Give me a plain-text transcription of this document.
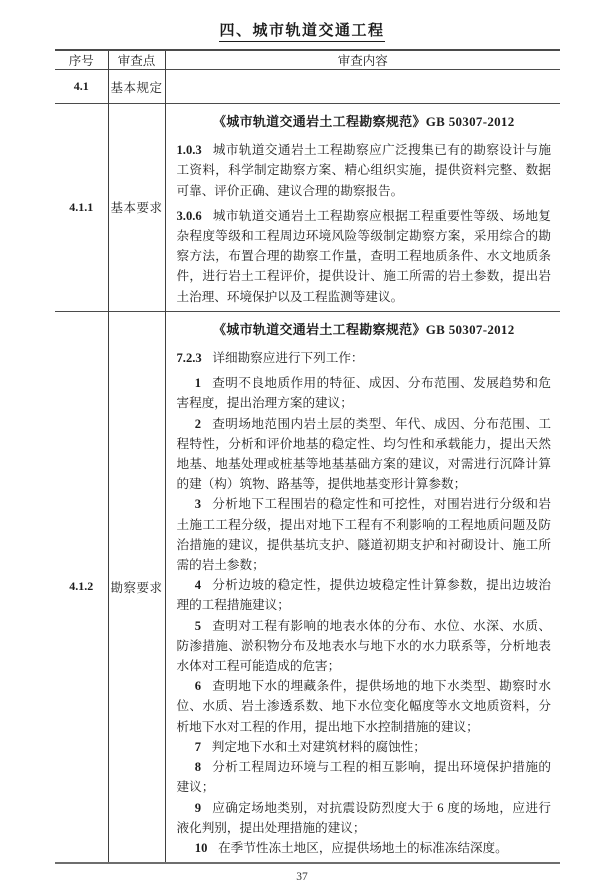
四、城市轨道交通工程
序号	审查点	审查内容
4.1	基本规定	
4.1.1	基本要求	《城市轨道交通岩土工程勘察规范》GB 50307-2012

1.0.3 城市轨道交通岩土工程勘察应广泛搜集已有的勘察设计与施工资料，科学制定勘察方案、精心组织实施，提供资料完整、数据可靠、评价正确、建议合理的勘察报告。

3.0.6 城市轨道交通岩土工程勘察应根据工程重要性等级、场地复杂程度等级和工程周边环境风险等级制定勘察方案，采用综合的勘察方法，布置合理的勘察工作量，查明工程地质条件、水文地质条件，进行岩土工程评价，提供设计、施工所需的岩土参数，提出岩土治理、环境保护以及工程监测等建议。

4.1.2	勘察要求	

《城市轨道交通岩土工程勘察规范》GB 50307-2012

7.2.3 详细勘察应进行下列工作：

1 查明不良地质作用的特征、成因、分布范围、发展趋势和危害程度，提出治理方案的建议；

2 查明场地范围内岩土层的类型、年代、成因、分布范围、工程特性，分析和评价地基的稳定性、均匀性和承载能力，提出天然地基、地基处理或桩基等地基基础方案的建议，对需进行沉降计算的建（构）筑物、路基等，提供地基变形计算参数；

3 分析地下工程围岩的稳定性和可挖性，对围岩进行分级和岩土施工工程分级，提出对地下工程有不利影响的工程地质问题及防治措施的建议，提供基坑支护、隧道初期支护和衬砌设计、施工所需的岩土参数；

4 分析边坡的稳定性，提供边坡稳定性计算参数，提出边坡治理的工程措施建议；

5 查明对工程有影响的地表水体的分布、水位、水深、水质、防渗措施、淤积物分布及地表水与地下水的水力联系等，分析地表水体对工程可能造成的危害；

6 查明地下水的埋藏条件，提供场地的地下水类型、勘察时水位、水质、岩土渗透系数、地下水位变化幅度等水文地质资料，分析地下水对工程的作用，提出地下水控制措施的建议；

7 判定地下水和土对建筑材料的腐蚀性；

8 分析工程周边环境与工程的相互影响，提出环境保护措施的建议；

9 应确定场地类别，对抗震设防烈度大于 6 度的场地，应进行液化判别，提出处理措施的建议；

10 在季节性冻土地区，应提供场地土的标准冻结深度。

37
